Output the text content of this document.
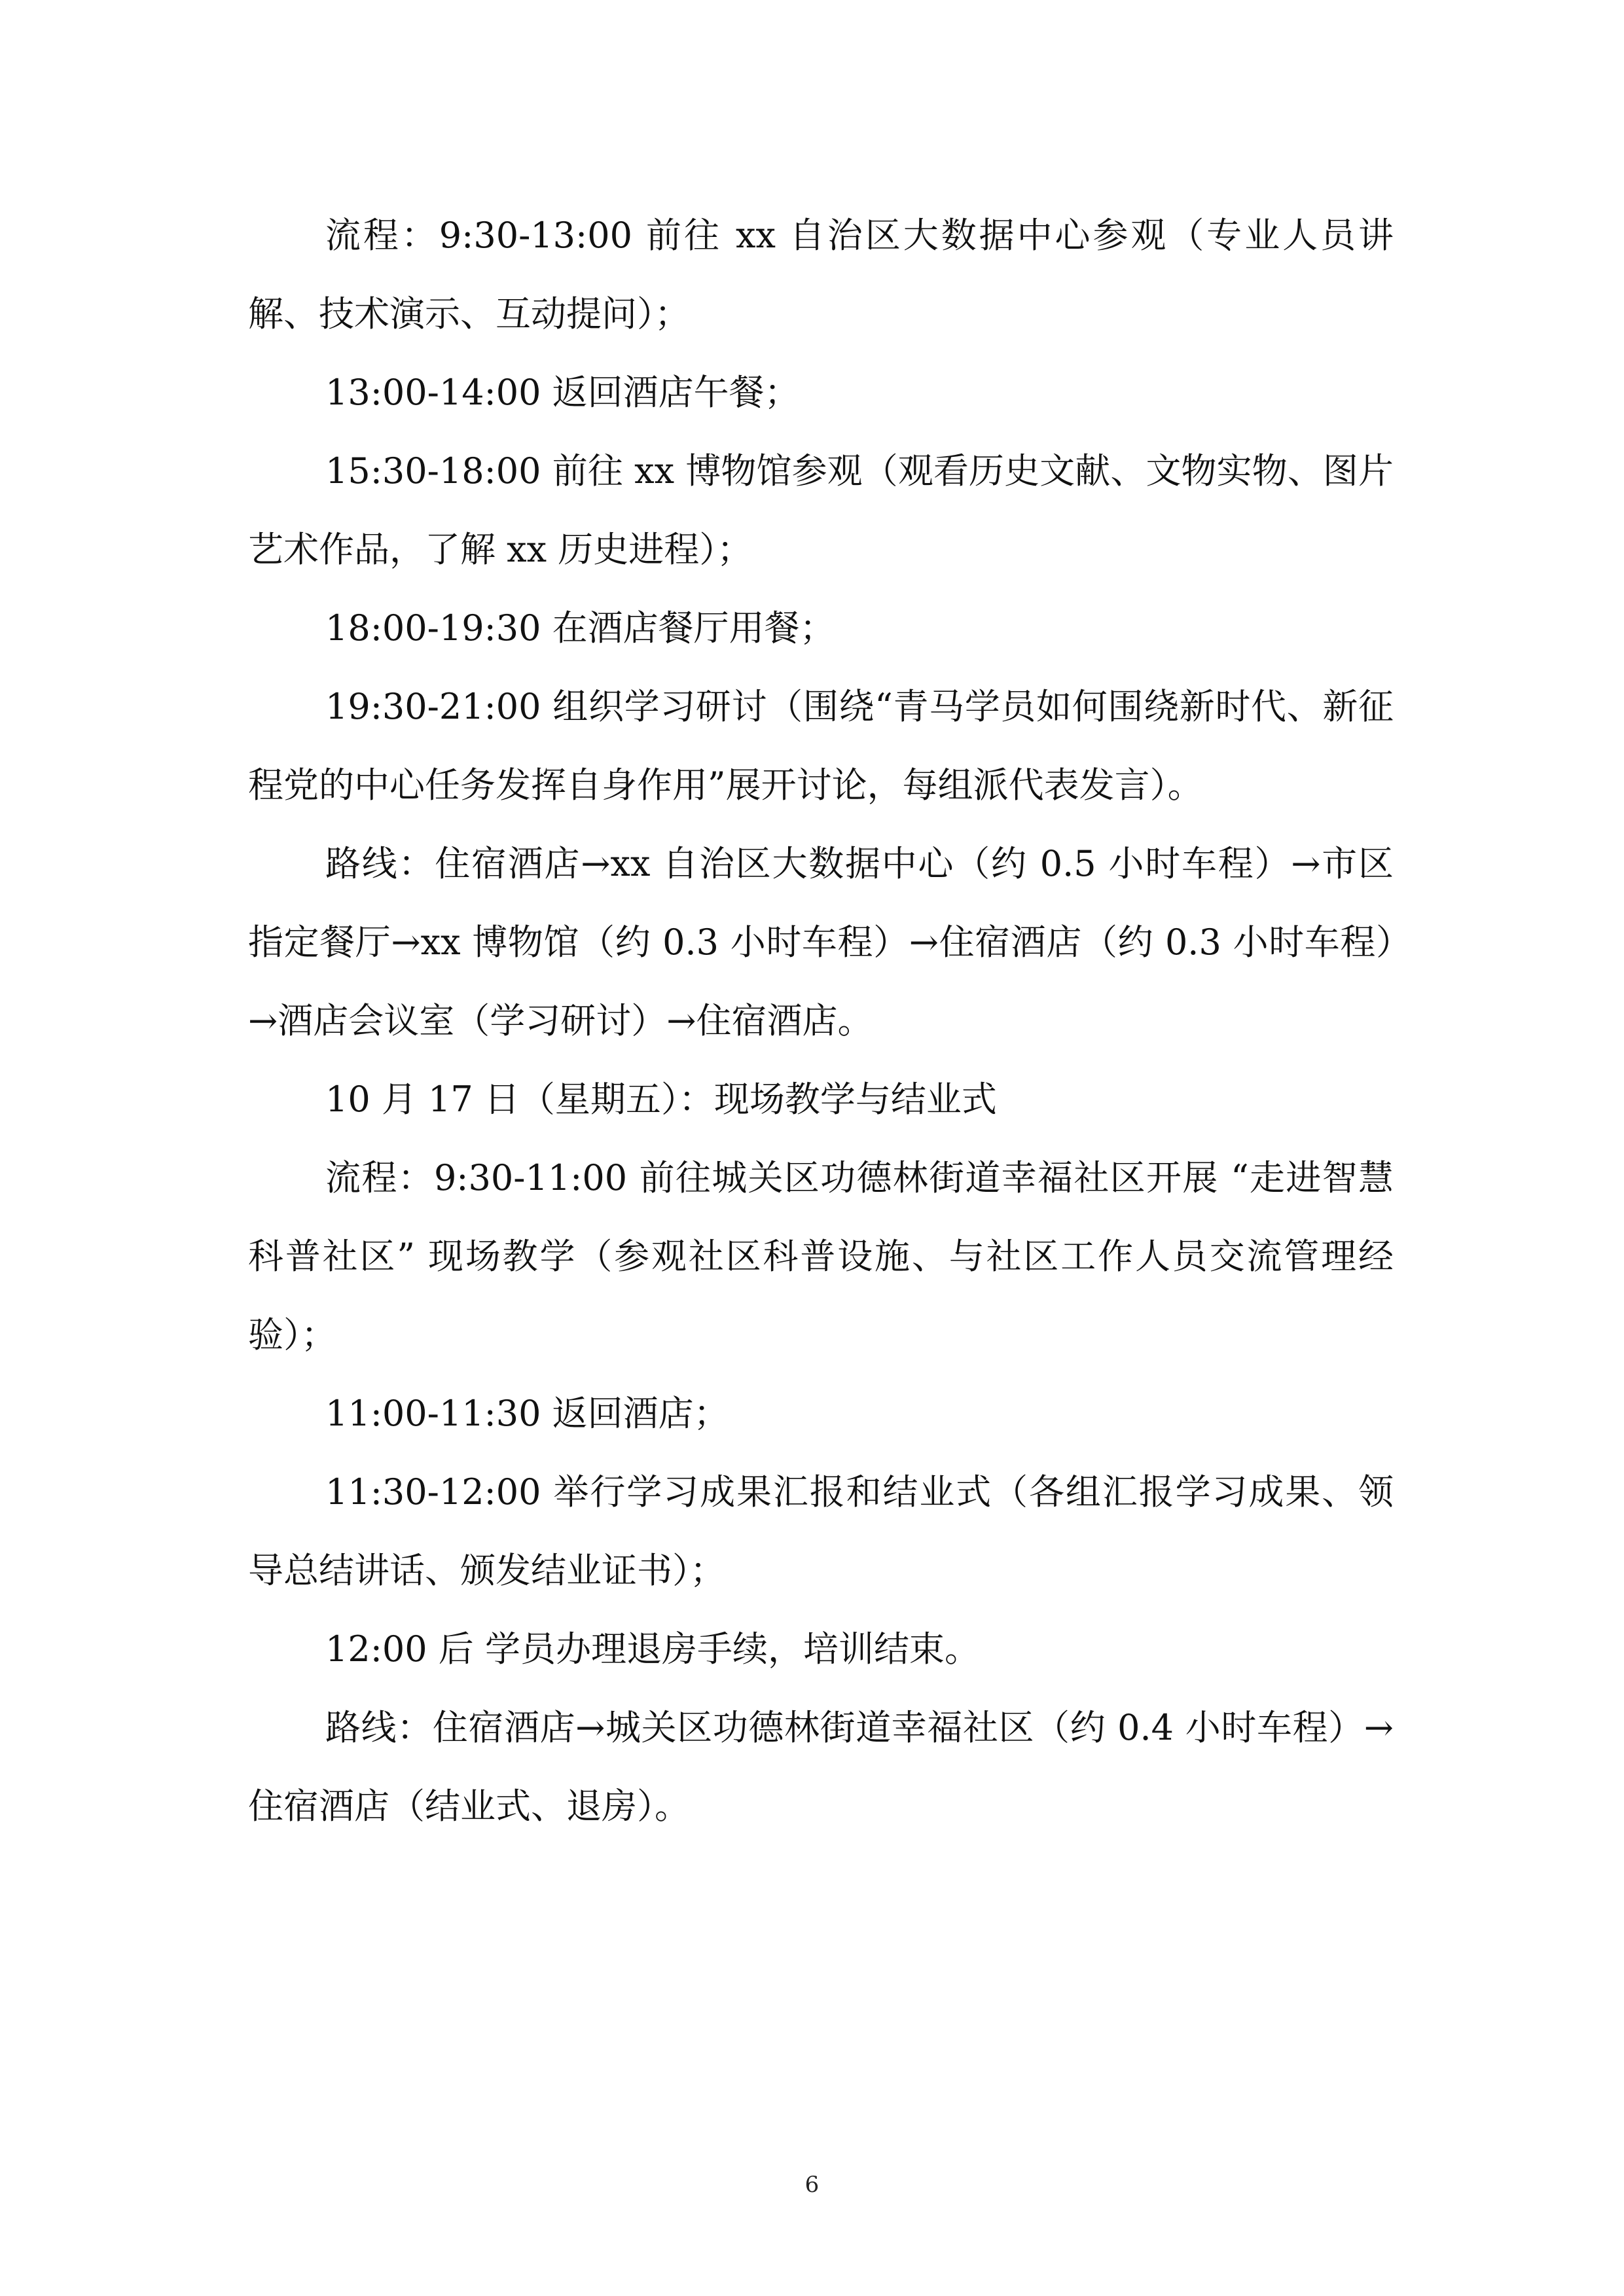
流程：9:30-13:00 前往 xx 自治区大数据中心参观（专业人员讲解、技术演示、互动提问）；

13:00-14:00 返回酒店午餐；

15:30-18:00 前往 xx 博物馆参观（观看历史文献、文物实物、图片艺术作品，了解 xx 历史进程）；

18:00-19:30 在酒店餐厅用餐；

19:30-21:00 组织学习研讨（围绕“青马学员如何围绕新时代、新征程党的中心任务发挥自身作用”展开讨论，每组派代表发言）。

路线：住宿酒店→xx 自治区大数据中心（约 0.5 小时车程）→市区指定餐厅→xx 博物馆（约 0.3 小时车程）→住宿酒店（约 0.3 小时车程）→酒店会议室（学习研讨）→住宿酒店。

10 月 17 日（星期五）：现场教学与结业式

流程：9:30-11:00 前往城关区功德林街道幸福社区开展 “走进智慧科普社区” 现场教学（参观社区科普设施、与社区工作人员交流管理经验）；

11:00-11:30 返回酒店；

11:30-12:00 举行学习成果汇报和结业式（各组汇报学习成果、领导总结讲话、颁发结业证书）；

12:00 后 学员办理退房手续，培训结束。

路线：住宿酒店→城关区功德林街道幸福社区（约 0.4 小时车程）→住宿酒店（结业式、退房）。

6
